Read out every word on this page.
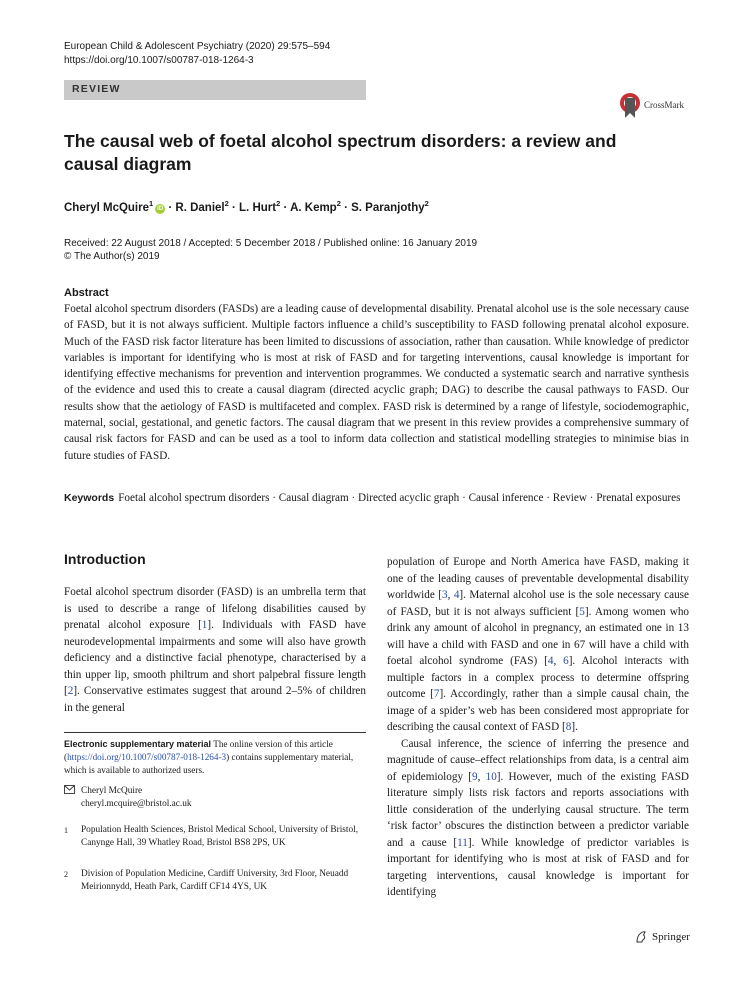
European Child & Adolescent Psychiatry (2020) 29:575–594
https://doi.org/10.1007/s00787-018-1264-3
REVIEW
CrossMark
The causal web of foetal alcohol spectrum disorders: a review and causal diagram
Cheryl McQuire$^1$iD · R. Daniel$^2$ · L. Hurt$^2$ · A. Kemp$^2$ · S. Paranjothy$^2$
Received: 22 August 2018 / Accepted: 5 December 2018 / Published online: 16 January 2019
© The Author(s) 2019
Abstract
Foetal alcohol spectrum disorders (FASDs) are a leading cause of developmental disability. Prenatal alcohol use is the sole necessary cause of FASD, but it is not always sufficient. Multiple factors influence a child’s susceptibility to FASD following prenatal alcohol exposure. Much of the FASD risk factor literature has been limited to discussions of association, rather than causation. While knowledge of predictor variables is important for identifying who is most at risk of FASD and for targeting interventions, causal knowledge is important for identifying effective mechanisms for prevention and intervention programmes. We conducted a systematic search and narrative synthesis of the evidence and used this to create a causal diagram (directed acyclic graph; DAG) to describe the causal pathways to FASD. Our results show that the aetiology of FASD is multifaceted and complex. FASD risk is determined by a range of lifestyle, sociodemographic, maternal, social, gestational, and genetic factors. The causal diagram that we present in this review provides a comprehensive summary of causal risk factors for FASD and can be used as a tool to inform data collection and statistical modelling strategies to minimise bias in future studies of FASD.
Keywords Foetal alcohol spectrum disorders · Causal diagram · Directed acyclic graph · Causal inference · Review · Prenatal exposures
Introduction

Foetal alcohol spectrum disorder (FASD) is an umbrella term that is used to describe a range of lifelong disabilities caused by prenatal alcohol exposure [1]. Individuals with FASD have neurodevelopmental impairments and some will also have growth deficiency and a distinctive facial phenotype, characterised by a thin upper lip, smooth philtrum and short palpebral fissure length [2]. Conservative estimates suggest that around 2–5% of children in the general

population of Europe and North America have FASD, making it one of the leading causes of preventable developmental disability worldwide [3, 4]. Maternal alcohol use is the sole necessary cause of FASD, but it is not always sufficient [5]. Among women who drink any amount of alcohol in pregnancy, an estimated one in 13 will have a child with FASD and one in 67 will have a child with foetal alcohol syndrome (FAS) [4, 6]. Alcohol interacts with multiple factors in a complex process to determine offspring outcome [7]. Accordingly, rather than a simple causal chain, the image of a spider’s web has been considered most appropriate for describing the causal context of FASD [8].

Causal inference, the science of inferring the presence and magnitude of cause–effect relationships from data, is a central aim of epidemiology [9, 10]. However, much of the existing FASD literature simply lists risk factors and reports associations with little consideration of the underlying causal structure. The term ‘risk factor’ obscures the distinction between a predictor variable and a cause [11]. While knowledge of predictor variables is important for identifying who is most at risk of FASD and for targeting interventions, causal knowledge is important for identifying

Electronic supplementary material The online version of this article (https://doi.org/10.1007/s00787-018-1264-3) contains supplementary material, which is available to authorized users.
Cheryl McQuire
cheryl.mcquire@bristol.ac.uk
1	Population Health Sciences, Bristol Medical School, University of Bristol, Canynge Hall, 39 Whatley Road, Bristol BS8 2PS, UK
2	Division of Population Medicine, Cardiff University, 3rd Floor, Neuadd Meirionnydd, Heath Park, Cardiff CF14 4YS, UK
Springer
